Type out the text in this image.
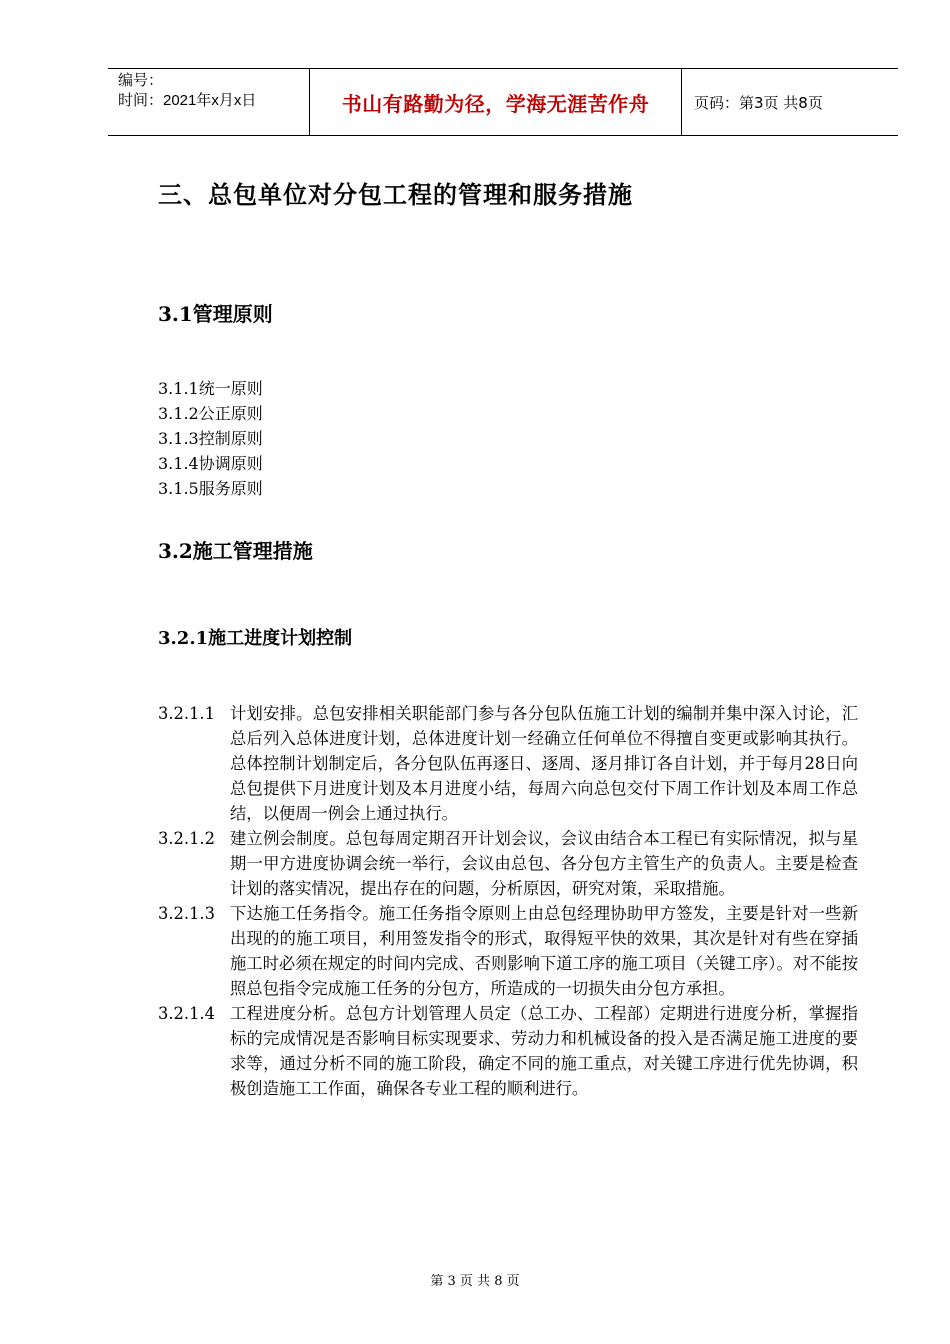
编号：
时间：2021年x月x日	书山有路勤为径，学海无涯苦作舟	页码：第3页 共8页
三、总包单位对分包工程的管理和服务措施
3.1管理原则
3.1.1统一原则
3.1.2公正原则
3.1.3控制原则
3.1.4协调原则
3.1.5服务原则
3.2施工管理措施
3.2.1施工进度计划控制
3.2.1.1 计划安排。总包安排相关职能部门参与各分包队伍施工计划的编制并集中深入讨论，汇总后列入总体进度计划，总体进度计划一经确立任何单位不得擅自变更或影响其执行。总体控制计划制定后，各分包队伍再逐日、逐周、逐月排订各自计划，并于每月28日向总包提供下月进度计划及本月进度小结，每周六向总包交付下周工作计划及本周工作总结，以便周一例会上通过执行。
3.2.1.2 建立例会制度。总包每周定期召开计划会议，会议由结合本工程已有实际情况，拟与星期一甲方进度协调会统一举行，会议由总包、各分包方主管生产的负责人。主要是检查计划的落实情况，提出存在的问题，分析原因，研究对策，采取措施。
3.2.1.3 下达施工任务指令。施工任务指令原则上由总包经理协助甲方签发，主要是针对一些新出现的的施工项目，利用签发指令的形式，取得短平快的效果，其次是针对有些在穿插施工时必须在规定的时间内完成、否则影响下道工序的施工项目（关键工序）。对不能按照总包指令完成施工任务的分包方，所造成的一切损失由分包方承担。
3.2.1.4 工程进度分析。总包方计划管理人员定（总工办、工程部）定期进行进度分析，掌握指标的完成情况是否影响目标实现要求、劳动力和机械设备的投入是否满足施工进度的要求等，通过分析不同的施工阶段，确定不同的施工重点，对关键工序进行优先协调，积极创造施工工作面，确保各专业工程的顺利进行。
第 3 页 共 8 页
